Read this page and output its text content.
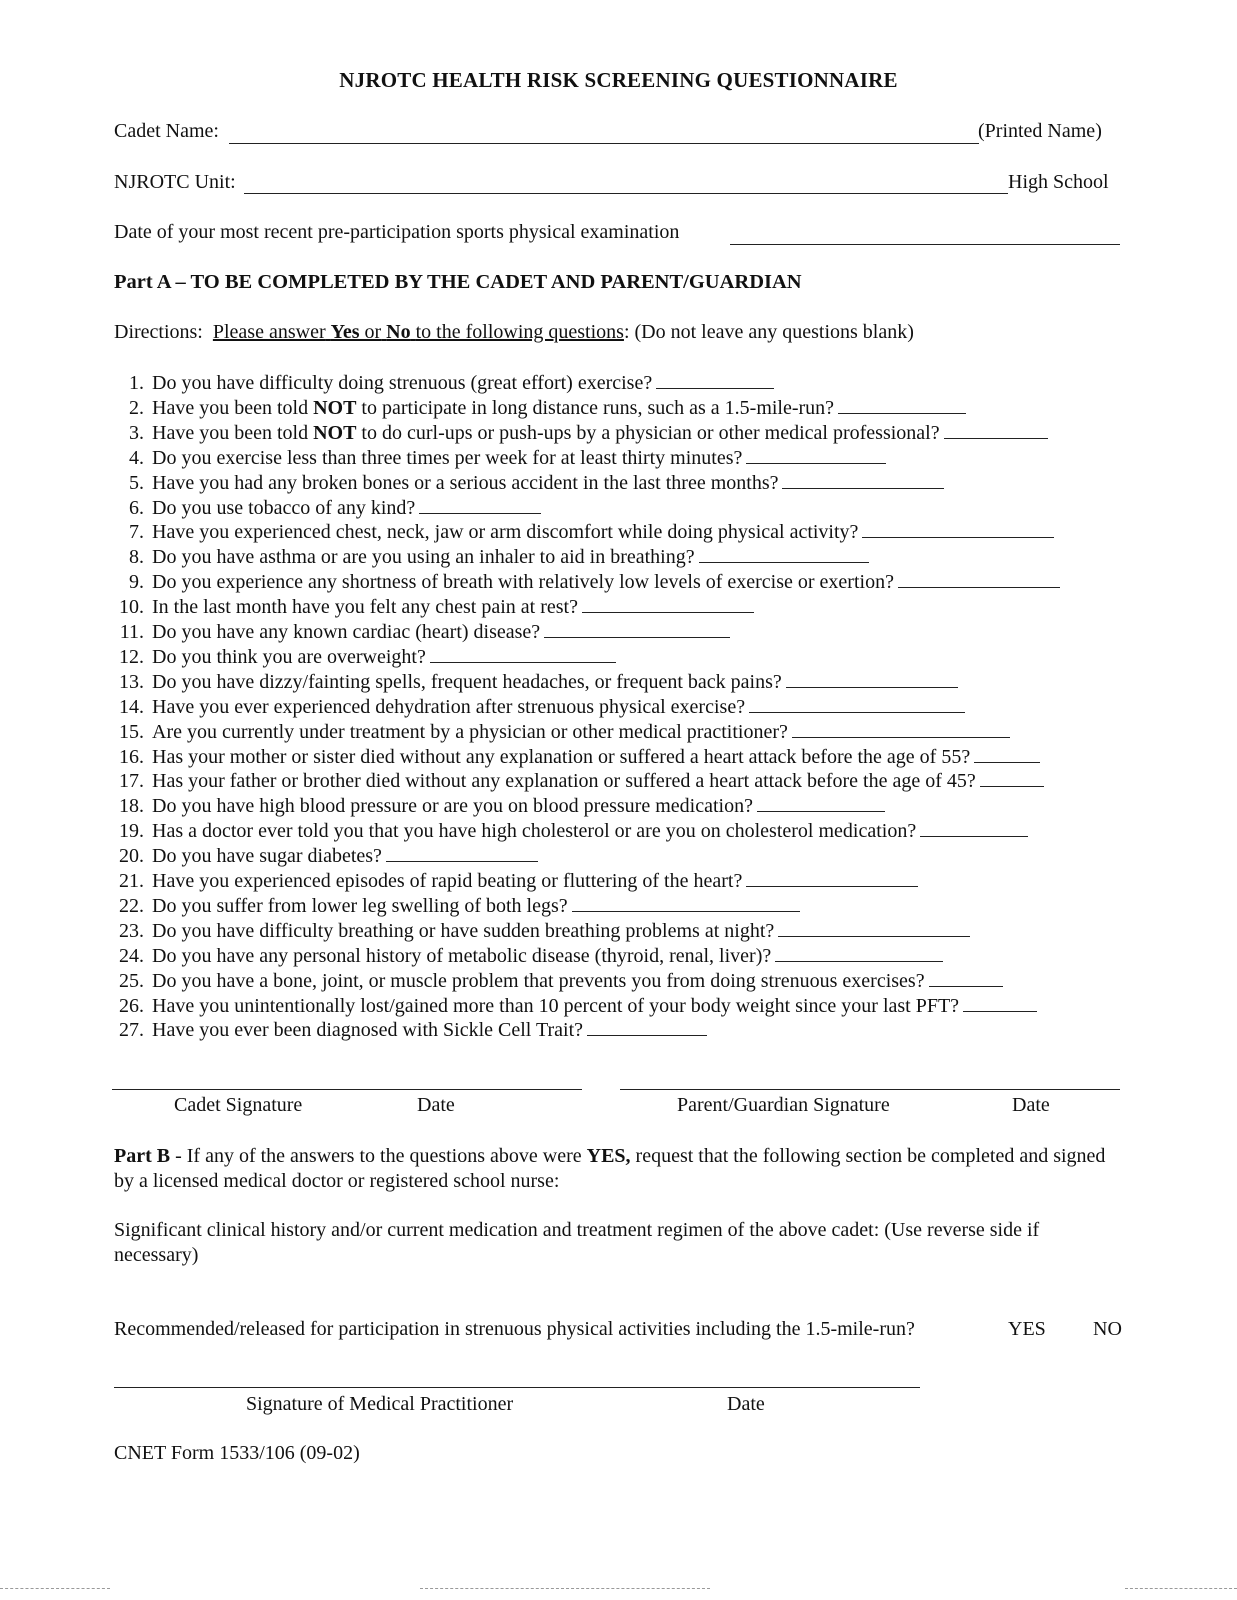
NJROTC HEALTH RISK SCREENING QUESTIONNAIRE
Cadet Name:	(Printed Name)
NJROTC Unit:	High School
Date of your most recent pre-participation sports physical examination
Part A – TO BE COMPLETED BY THE CADET AND PARENT/GUARDIAN
Directions: Please answer Yes or No to the following questions: (Do not leave any questions blank)
1. Do you have difficulty doing strenuous (great effort) exercise?
2. Have you been told NOT to participate in long distance runs, such as a 1.5-mile-run?
3. Have you been told NOT to do curl-ups or push-ups by a physician or other medical professional?
4. Do you exercise less than three times per week for at least thirty minutes?
5. Have you had any broken bones or a serious accident in the last three months?
6. Do you use tobacco of any kind?
7. Have you experienced chest, neck, jaw or arm discomfort while doing physical activity?
8. Do you have asthma or are you using an inhaler to aid in breathing?
9. Do you experience any shortness of breath with relatively low levels of exercise or exertion?
10. In the last month have you felt any chest pain at rest?
11. Do you have any known cardiac (heart) disease?
12. Do you think you are overweight?
13. Do you have dizzy/fainting spells, frequent headaches, or frequent back pains?
14. Have you ever experienced dehydration after strenuous physical exercise?
15. Are you currently under treatment by a physician or other medical practitioner?
16. Has your mother or sister died without any explanation or suffered a heart attack before the age of 55?
17. Has your father or brother died without any explanation or suffered a heart attack before the age of 45?
18. Do you have high blood pressure or are you on blood pressure medication?
19. Has a doctor ever told you that you have high cholesterol or are you on cholesterol medication?
20. Do you have sugar diabetes?
21. Have you experienced episodes of rapid beating or fluttering of the heart?
22. Do you suffer from lower leg swelling of both legs?
23. Do you have difficulty breathing or have sudden breathing problems at night?
24. Do you have any personal history of metabolic disease (thyroid, renal, liver)?
25. Do you have a bone, joint, or muscle problem that prevents you from doing strenuous exercises?
26. Have you unintentionally lost/gained more than 10 percent of your body weight since your last PFT?
27. Have you ever been diagnosed with Sickle Cell Trait?
Cadet Signature	Date	Parent/Guardian Signature	Date
Part B - If any of the answers to the questions above were YES, request that the following section be completed and signed by a licensed medical doctor or registered school nurse:
Significant clinical history and/or current medication and treatment regimen of the above cadet: (Use reverse side if necessary)
Recommended/released for participation in strenuous physical activities including the 1.5-mile-run?	YES NO
Signature of Medical Practitioner	Date
CNET Form 1533/106 (09-02)
